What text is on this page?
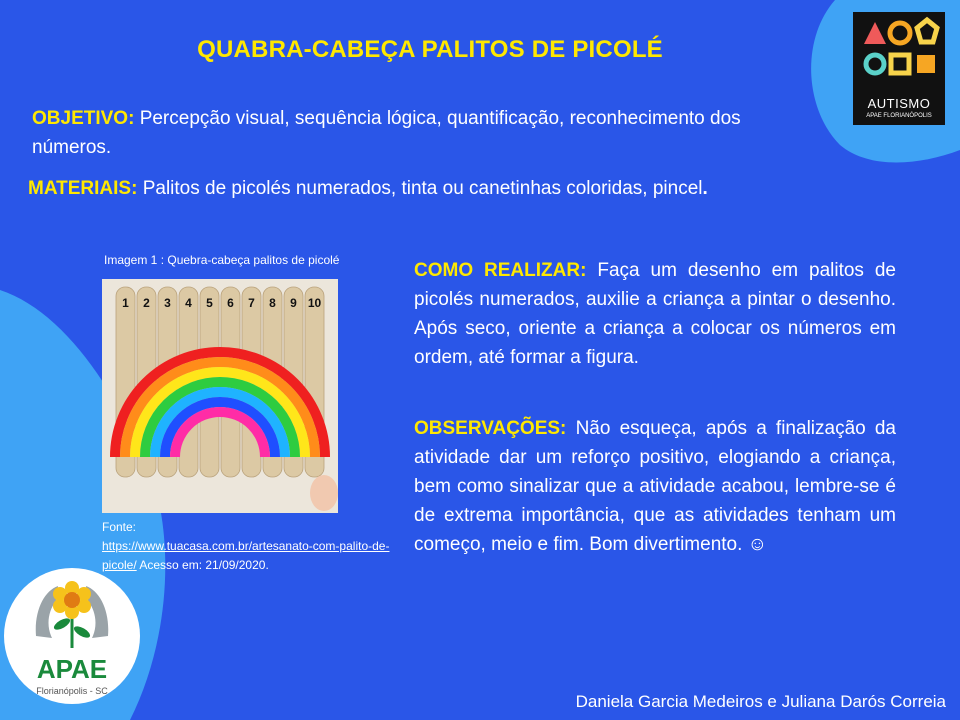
QUABRA-CABEÇA PALITOS DE PICOLÉ
OBJETIVO: Percepção visual, sequência lógica, quantificação, reconhecimento dos números.
MATERIAIS: Palitos de picolés numerados, tinta ou canetinhas coloridas, pincel.
Imagem 1 : Quebra-cabeça palitos de picolé
1 2 3 4 5 6 7 8 9 10
Fonte:
https://www.tuacasa.com.br/artesanato-com-palito-de-picole/ Acesso em: 21/09/2020.
COMO REALIZAR: Faça um desenho em palitos de picolés numerados, auxilie a criança a pintar o desenho. Após seco, oriente a criança a colocar os números em ordem, até formar a figura.
OBSERVAÇÕES: Não esqueça, após a finalização da atividade dar um reforço positivo, elogiando a criança, bem como sinalizar que a atividade acabou, lembre-se é de extrema importância, que as atividades tenham um começo, meio e fim. Bom divertimento. ☺
Daniela Garcia Medeiros e Juliana Darós Correia
AUTISMO
APAE FLORIANÓPOLIS
APAE
Florianópolis - SC
